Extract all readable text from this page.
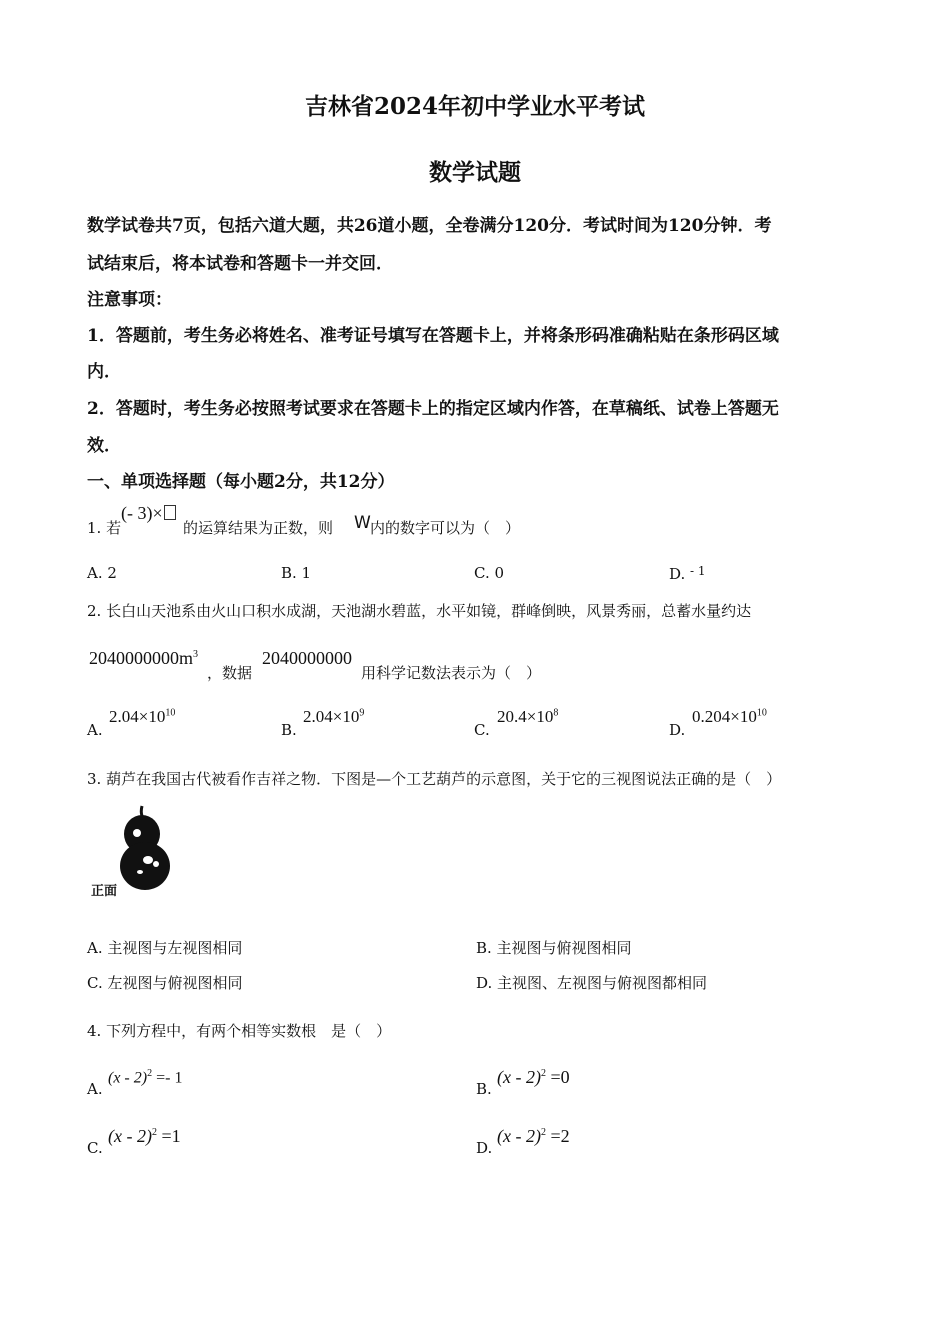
吉林省2024年初中学业水平考试
数学试题
数学试卷共7页，包括六道大题，共26道小题，全卷满分120分．考试时间为120分钟．考
试结束后，将本试卷和答题卡一并交回．
注意事项：
1．答题前，考生务必将姓名、准考证号填写在答题卡上，并将条形码准确粘贴在条形码区域
内．
2．答题时，考生务必按照考试要求在答题卡上的指定区域内作答，在草稿纸、试卷上答题无
效．
一、单项选择题（每小题2分，共12分）
1. 若
(- 3)×
的运算结果为正数，则 W 内的数字可以为（　）
A. 2	B. 1	C. 0	D. $^{- 1}$
2. 长白山天池系由火山口积水成湖，天池湖水碧蓝，水平如镜，群峰倒映，风景秀丽，总蓄水量约达
$2040000000m^3$
，数据
2040000000
用科学记数法表示为（　）
A.
$2.04\times 10^{10}$
B.
$2.04\times 10^9$
C.
$20.4\times 10^8$
D.
$0.204\times 10^{10}$
3. 葫芦在我国古代被看作吉祥之物．下图是—个工艺葫芦的示意图，关于它的三视图说法正确的是（　）
正面
A. 主视图与左视图相同	B. 主视图与俯视图相同
C. 左视图与俯视图相同	D. 主视图、左视图与俯视图都相同
4. 下列方程中，有两个相等实数根　是（　）
A.
(x - 2)$^2$ =- 1
B.
(x - 2)$^2$ =0
C.
(x - 2)$^2$ =1
D.
(x - 2)$^2$ =2
